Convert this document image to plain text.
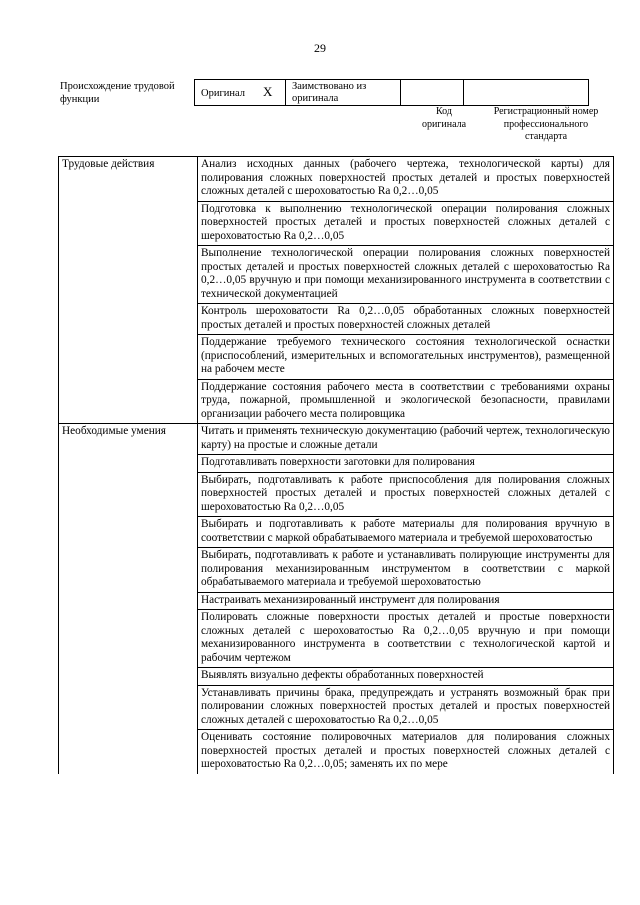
29
Происхождение трудовой функции
Оригинал X	Заимствовано из оригинала		
Код оригинала
Регистрационный номер профессионального стандарта
Трудовые действия	Анализ исходных данных (рабочего чертежа, технологической карты) для полирования сложных поверхностей простых деталей и простых поверхностей сложных деталей с шероховатостью Ra 0,2…0,05
	Подготовка к выполнению технологической операции полирования сложных поверхностей простых деталей и простых поверхностей сложных деталей с шероховатостью Ra 0,2…0,05
	Выполнение технологической операции полирования сложных поверхностей простых деталей и простых поверхностей сложных деталей с шероховатостью Ra 0,2…0,05 вручную и при помощи механизированного инструмента в соответствии с технической документацией
	Контроль шероховатости Ra 0,2…0,05 обработанных сложных поверхностей простых деталей и простых поверхностей сложных деталей
	Поддержание требуемого технического состояния технологической оснастки (приспособлений, измерительных и вспомогательных инструментов), размещенной на рабочем месте
	Поддержание состояния рабочего места в соответствии с требованиями охраны труда, пожарной, промышленной и экологической безопасности, правилами организации рабочего места полировщика
Необходимые умения	Читать и применять техническую документацию (рабочий чертеж, технологическую карту) на простые и сложные детали
	Подготавливать поверхности заготовки для полирования
	Выбирать, подготавливать к работе приспособления для полирования сложных поверхностей простых деталей и простых поверхностей сложных деталей с шероховатостью Ra 0,2…0,05
	Выбирать и подготавливать к работе материалы для полирования вручную в соответствии с маркой обрабатываемого материала и требуемой шероховатостью
	Выбирать, подготавливать к работе и устанавливать полирующие инструменты для полирования механизированным инструментом в соответствии с маркой обрабатываемого материала и требуемой шероховатостью
	Настраивать механизированный инструмент для полирования
	Полировать сложные поверхности простых деталей и простые поверхности сложных деталей с шероховатостью Ra 0,2…0,05 вручную и при помощи механизированного инструмента в соответствии с технологической картой и рабочим чертежом
	Выявлять визуально дефекты обработанных поверхностей
	Устанавливать причины брака, предупреждать и устранять возможный брак при полировании сложных поверхностей простых деталей и простых поверхностей сложных деталей с шероховатостью Ra 0,2…0,05
	Оценивать состояние полировочных материалов для полирования сложных поверхностей простых деталей и простых поверхностей сложных деталей с шероховатостью Ra 0,2…0,05; заменять их по мере
